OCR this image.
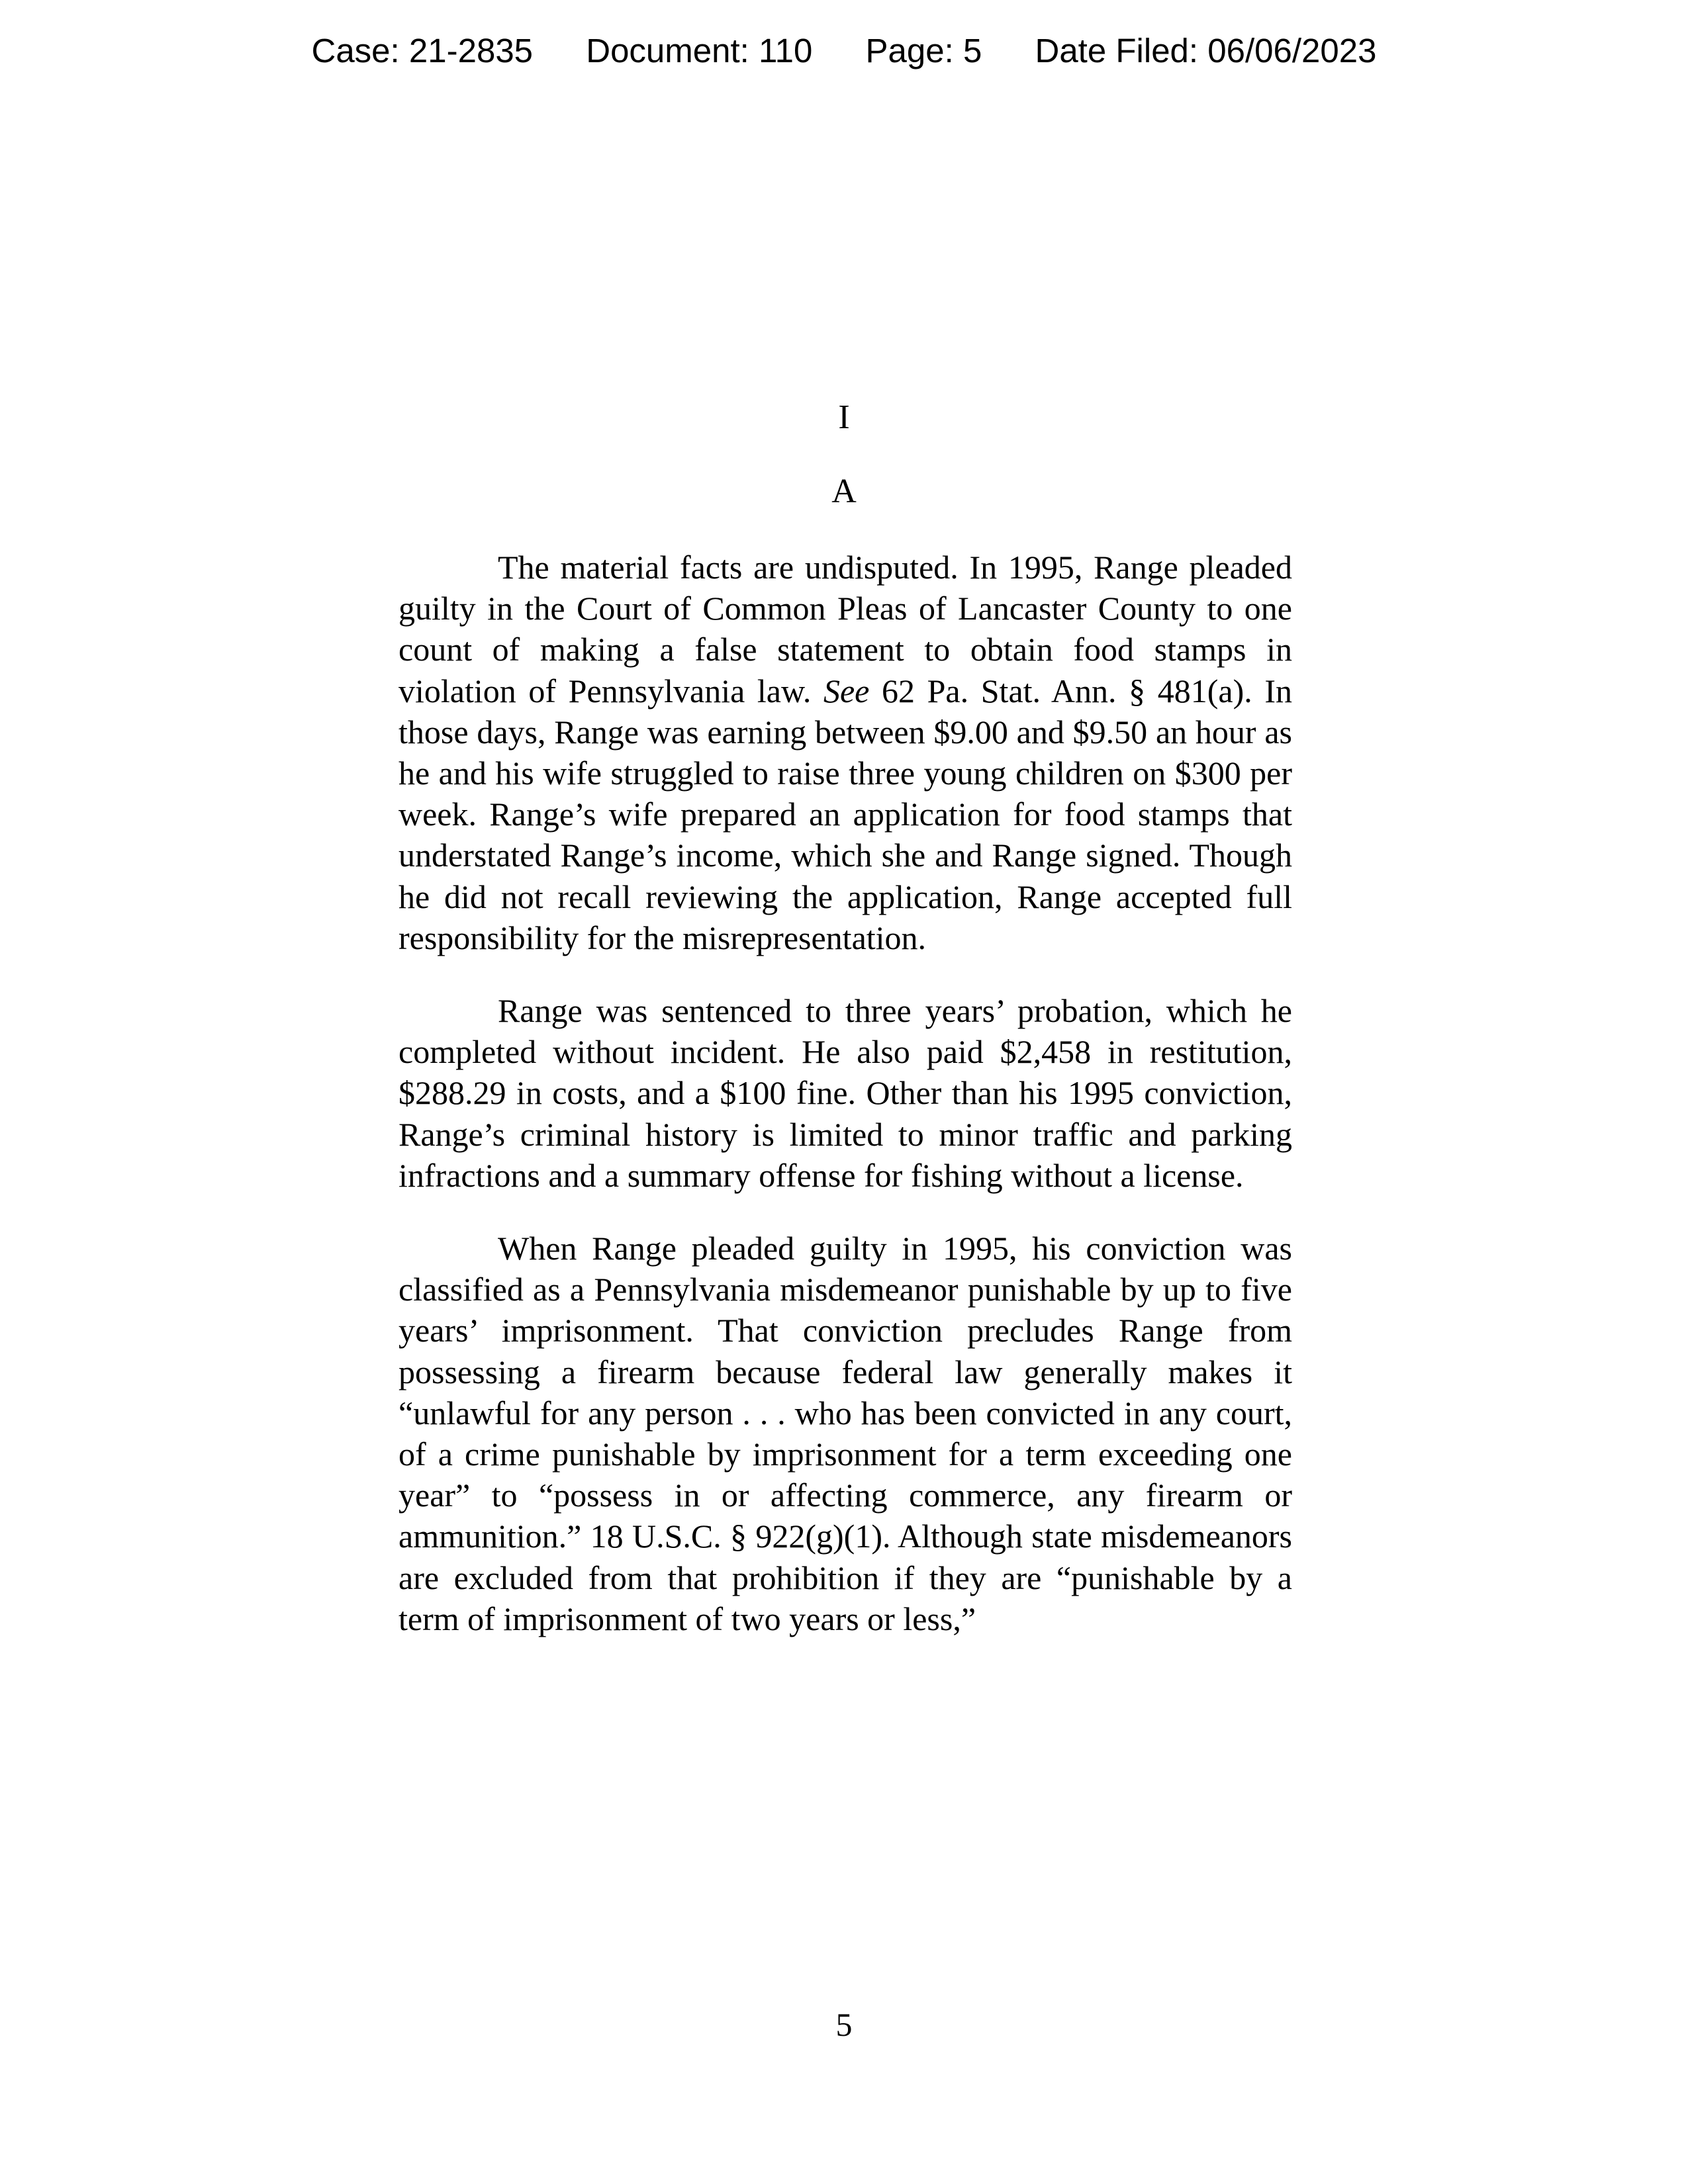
Case: 21-2835 Document: 110 Page: 5 Date Filed: 06/06/2023
I
A

The material facts are undisputed. In 1995, Range pleaded guilty in the Court of Common Pleas of Lancaster County to one count of making a false statement to obtain food stamps in violation of Pennsylvania law. See 62 Pa. Stat. Ann. § 481(a). In those days, Range was earning between $9.00 and $9.50 an hour as he and his wife struggled to raise three young children on $300 per week. Range’s wife prepared an application for food stamps that understated Range’s income, which she and Range signed. Though he did not recall reviewing the application, Range accepted full responsibility for the misrepresentation.

Range was sentenced to three years’ probation, which he completed without incident. He also paid $2,458 in restitution, $288.29 in costs, and a $100 fine. Other than his 1995 conviction, Range’s criminal history is limited to minor traffic and parking infractions and a summary offense for fishing without a license.

When Range pleaded guilty in 1995, his conviction was classified as a Pennsylvania misdemeanor punishable by up to five years’ imprisonment. That conviction precludes Range from possessing a firearm because federal law generally makes it “unlawful for any person . . . who has been convicted in any court, of a crime punishable by imprisonment for a term exceeding one year” to “possess in or affecting commerce, any firearm or ammunition.” 18 U.S.C. § 922(g)(1). Although state misdemeanors are excluded from that prohibition if they are “punishable by a term of imprisonment of two years or less,”

5
